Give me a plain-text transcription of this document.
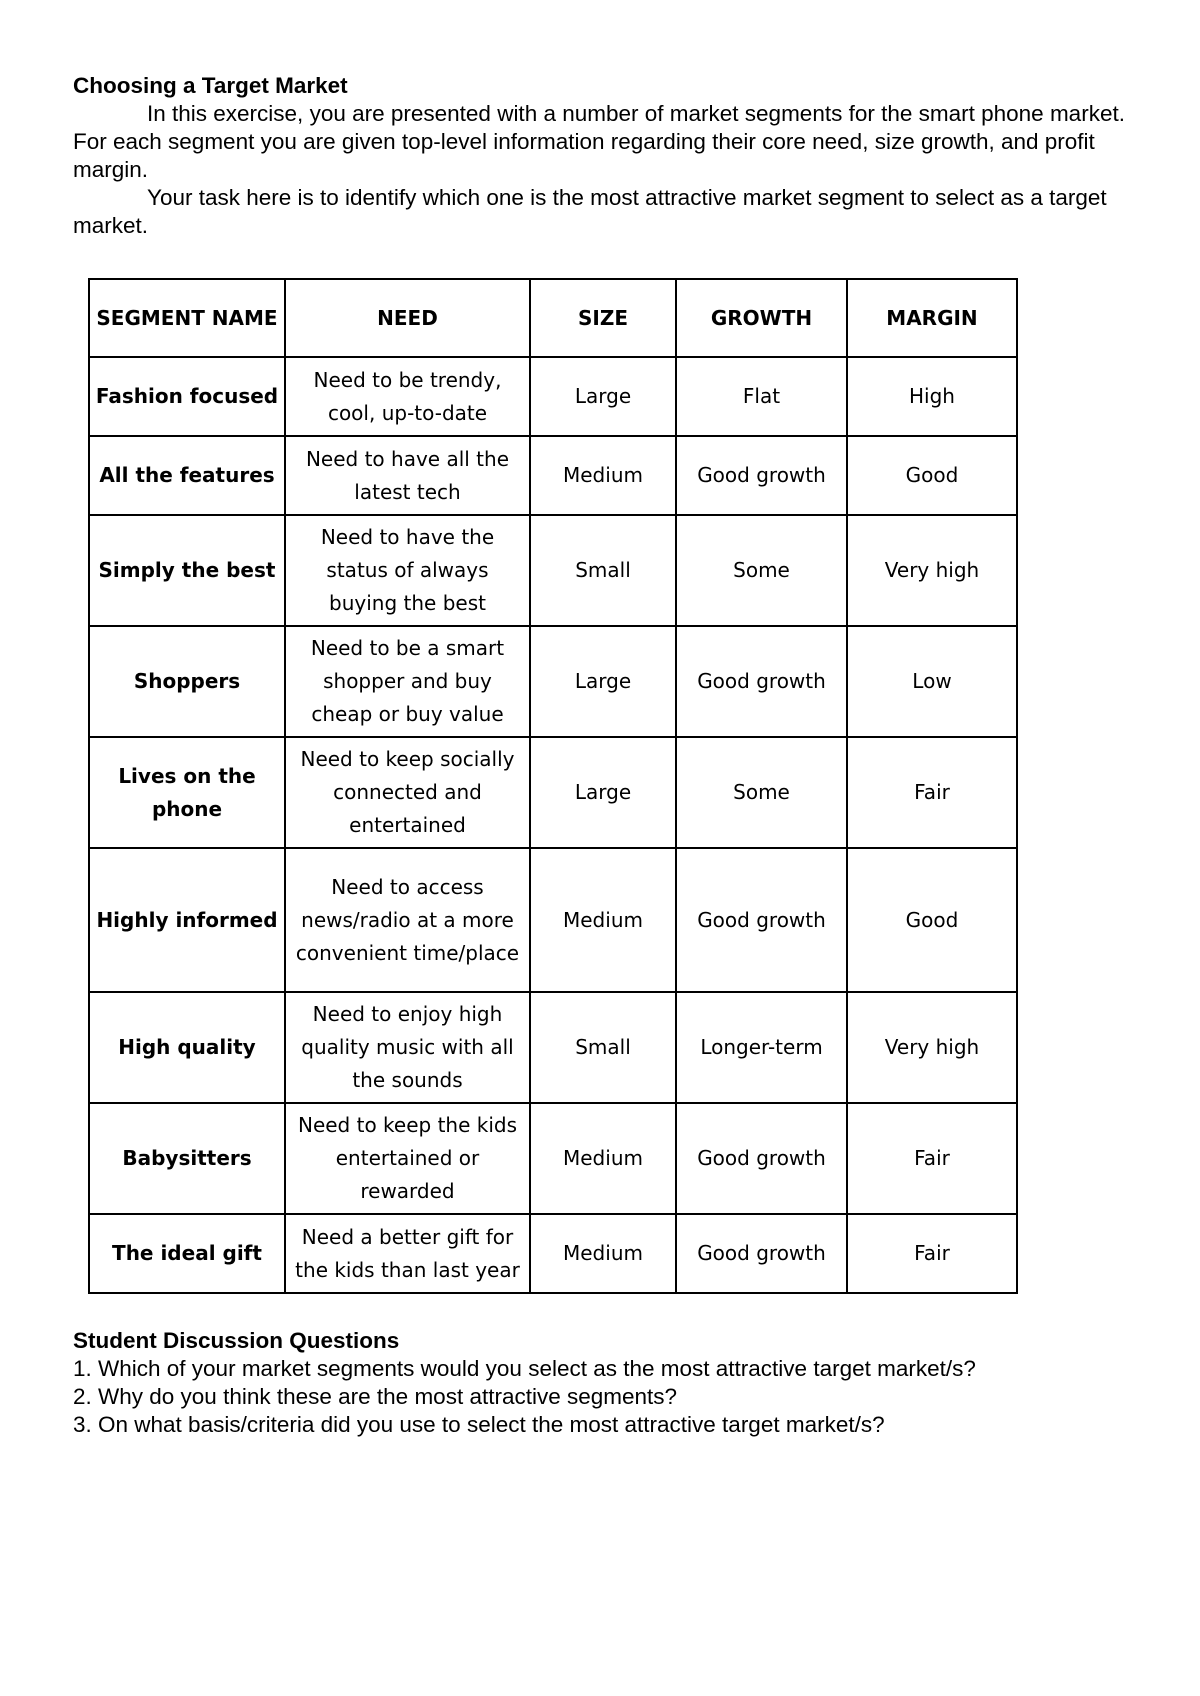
Choosing a Target Market

In this exercise, you are presented with a number of market segments for the smart phone market. For each segment you are given top-level information regarding their core need, size growth, and profit margin.

Your task here is to identify which one is the most attractive market segment to select as a target market.

SEGMENT NAME	NEED	SIZE	GROWTH	MARGIN
Fashion focused	Need to be trendy, cool, up-to-date	Large	Flat	High
All the features	Need to have all the latest tech	Medium	Good growth	Good
Simply the best	Need to have the status of always buying the best	Small	Some	Very high
Shoppers	Need to be a smart shopper and buy cheap or buy value	Large	Good growth	Low
Lives on the phone	Need to keep socially connected and entertained	Large	Some	Fair
Highly informed	Need to access news/radio at a more convenient time/place	Medium	Good growth	Good
High quality	Need to enjoy high quality music with all the sounds	Small	Longer-term	Very high
Babysitters	Need to keep the kids entertained or rewarded	Medium	Good growth	Fair
The ideal gift	Need a better gift for the kids than last year	Medium	Good growth	Fair

Student Discussion Questions

1. Which of your market segments would you select as the most attractive target market/s?
2. Why do you think these are the most attractive segments?
3. On what basis/criteria did you use to select the most attractive target market/s?
